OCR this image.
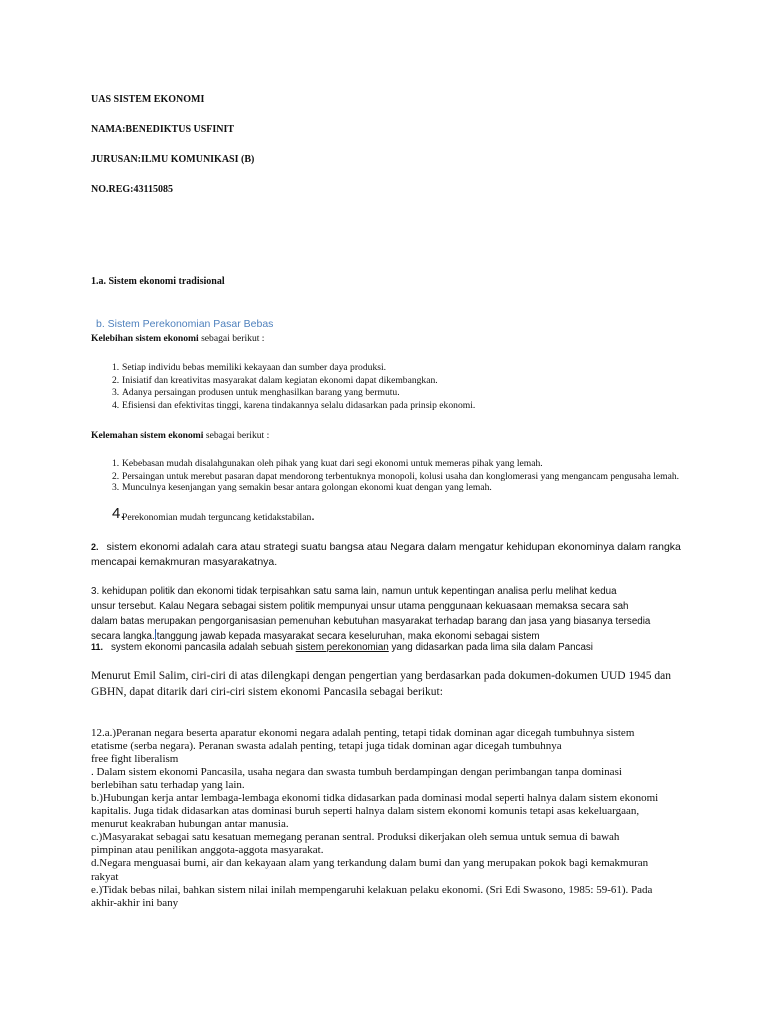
UAS SISTEM EKONOMI
NAMA:BENEDIKTUS USFINIT
JURUSAN:ILMU KOMUNIKASI (B)
NO.REG:43115085
1.a. Sistem ekonomi tradisional
b. Sistem Perekonomian Pasar Bebas
Kelebihan sistem ekonomi sebagai berikut :
1. Setiap individu bebas memiliki kekayaan dan sumber daya produksi.
2. Inisiatif dan kreativitas masyarakat dalam kegiatan ekonomi dapat dikembangkan.
3. Adanya persaingan produsen untuk menghasilkan barang yang bermutu.
4. Efisiensi dan efektivitas tinggi, karena tindakannya selalu didasarkan pada prinsip ekonomi.
Kelemahan sistem ekonomi sebagai berikut :
1. Kebebasan mudah disalahgunakan oleh pihak yang kuat dari segi ekonomi untuk memeras pihak yang lemah.
2. Persaingan untuk merebut pasaran dapat mendorong terbentuknya monopoli, kolusi usaha dan konglomerasi yang mengancam pengusaha lemah.
3. Munculnya kesenjangan yang semakin besar antara golongan ekonomi kuat dengan yang lemah.
4.
Perekonomian mudah terguncang ketidakstabilan.
2. sistem ekonomi adalah cara atau strategi suatu bangsa atau Negara dalam mengatur kehidupan ekonominya dalam rangka mencapai kemakmuran masyarakatnya.
3. kehidupan politik dan ekonomi tidak terpisahkan satu sama lain, namun untuk kepentingan analisa perlu melihat kedua
unsur tersebut. Kalau Negara sebagai sistem politik mempunyai unsur utama penggunaan kekuasaan memaksa secara sah
dalam batas merupakan pengorganisasian pemenuhan kebutuhan masyarakat terhadap barang dan jasa yang biasanya tersedia
secara langka. tanggung jawab kepada masyarakat secara keseluruhan, maka ekonomi sebagai sistem
11. system ekonomi pancasila adalah sebuah sistem perekonomian yang didasarkan pada lima sila dalam Pancasi
Menurut Emil Salim, ciri-ciri di atas dilengkapi dengan pengertian yang berdasarkan pada dokumen-dokumen UUD 1945 dan
GBHN, dapat ditarik dari ciri-ciri sistem ekonomi Pancasila sebagai berikut:
12.a.)Peranan negara beserta aparatur ekonomi negara adalah penting, tetapi tidak dominan agar dicegah tumbuhnya sistem
etatisme (serba negara). Peranan swasta adalah penting, tetapi juga tidak dominan agar dicegah tumbuhnya
free fight liberalism
. Dalam sistem ekonomi Pancasila, usaha negara dan swasta tumbuh berdampingan dengan perimbangan tanpa dominasi
berlebihan satu terhadap yang lain.
b.)Hubungan kerja antar lembaga-lembaga ekonomi tidka didasarkan pada dominasi modal seperti halnya dalam sistem ekonomi
kapitalis. Juga tidak didasarkan atas dominasi buruh seperti halnya dalam sistem ekonomi komunis tetapi asas kekeluargaan,
menurut keakraban hubungan antar manusia.
c.)Masyarakat sebagai satu kesatuan memegang peranan sentral. Produksi dikerjakan oleh semua untuk semua di bawah
pimpinan atau penilikan anggota-aggota masyarakat.
d.Negara menguasai bumi, air dan kekayaan alam yang terkandung dalam bumi dan yang merupakan pokok bagi kemakmuran
rakyat
e.)Tidak bebas nilai, bahkan sistem nilai inilah mempengaruhi kelakuan pelaku ekonomi. (Sri Edi Swasono, 1985: 59-61). Pada
akhir-akhir ini bany
